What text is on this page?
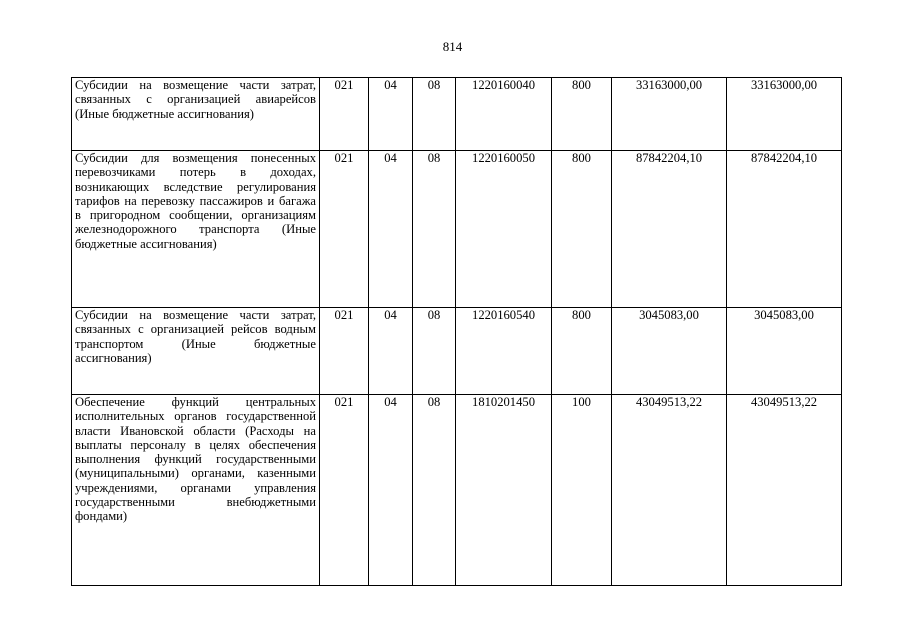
814
Субсидии на возмещение части затрат, связанных с организацией авиарейсов (Иные бюджетные ассигнования)	021	04	08	1220160040	800	33163000,00	33163000,00
Субсидии для возмещения понесенных перевозчиками потерь в доходах, возникающих вследствие регулирования тарифов на перевозку пассажиров и багажа в пригородном сообщении, организациям железнодорожного транспорта (Иные бюджетные ассигнования)	021	04	08	1220160050	800	87842204,10	87842204,10
Субсидии на возмещение части затрат, связанных с организацией рейсов водным транспортом (Иные бюджетные ассигнования)	021	04	08	1220160540	800	3045083,00	3045083,00
Обеспечение функций центральных исполнительных органов государственной власти Ивановской области (Расходы на выплаты персоналу в целях обеспечения выполнения функций государственными (муниципальными) органами, казенными учреждениями, органами управления государственными внебюджетными фондами)	021	04	08	1810201450	100	43049513,22	43049513,22
